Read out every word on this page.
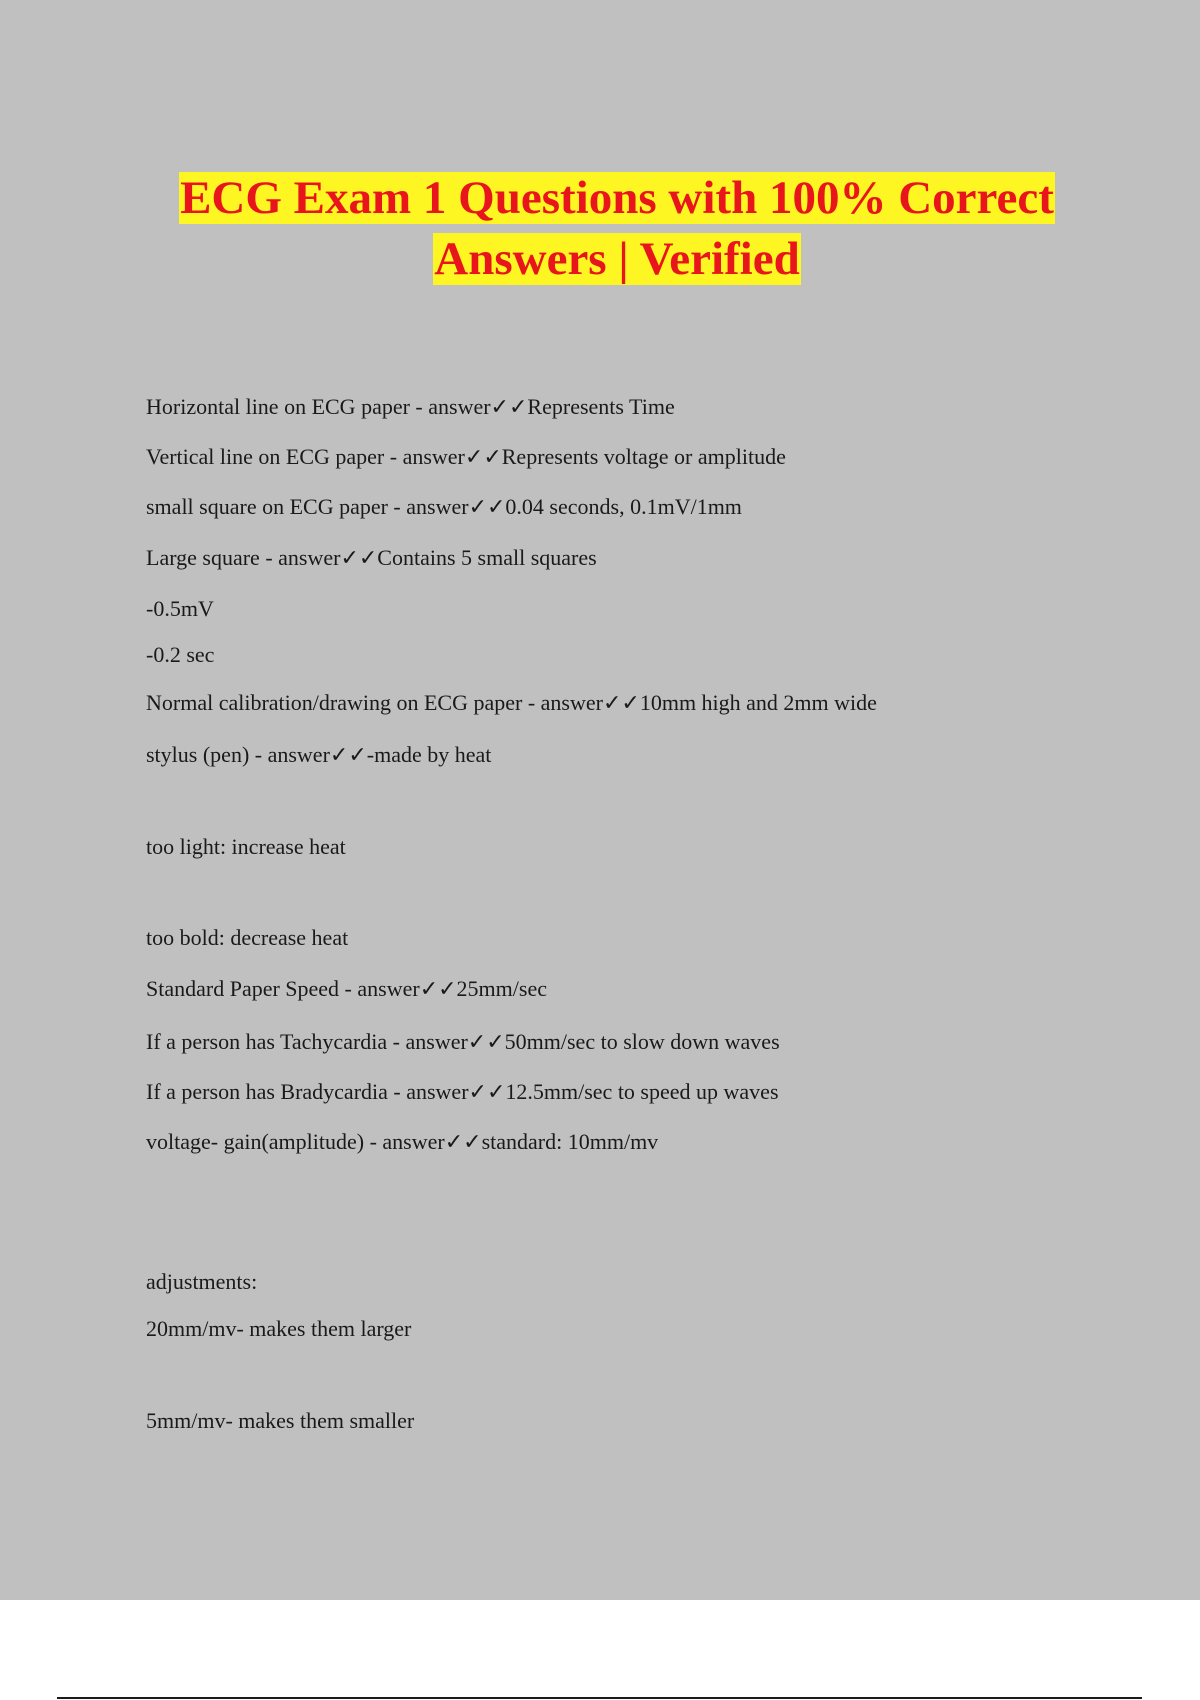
ECG Exam 1 Questions with 100% Correct
Answers | Verified
Horizontal line on ECG paper - answer✓✓Represents Time
Vertical line on ECG paper - answer✓✓Represents voltage or amplitude
small square on ECG paper - answer✓✓0.04 seconds, 0.1mV/1mm
Large square - answer✓✓Contains 5 small squares
-0.5mV
-0.2 sec
Normal calibration/drawing on ECG paper - answer✓✓10mm high and 2mm wide
stylus (pen) - answer✓✓-made by heat
too light: increase heat
too bold: decrease heat
Standard Paper Speed - answer✓✓25mm/sec
If a person has Tachycardia - answer✓✓50mm/sec to slow down waves
If a person has Bradycardia - answer✓✓12.5mm/sec to speed up waves
voltage- gain(amplitude) - answer✓✓standard: 10mm/mv
adjustments:
20mm/mv- makes them larger
5mm/mv- makes them smaller
